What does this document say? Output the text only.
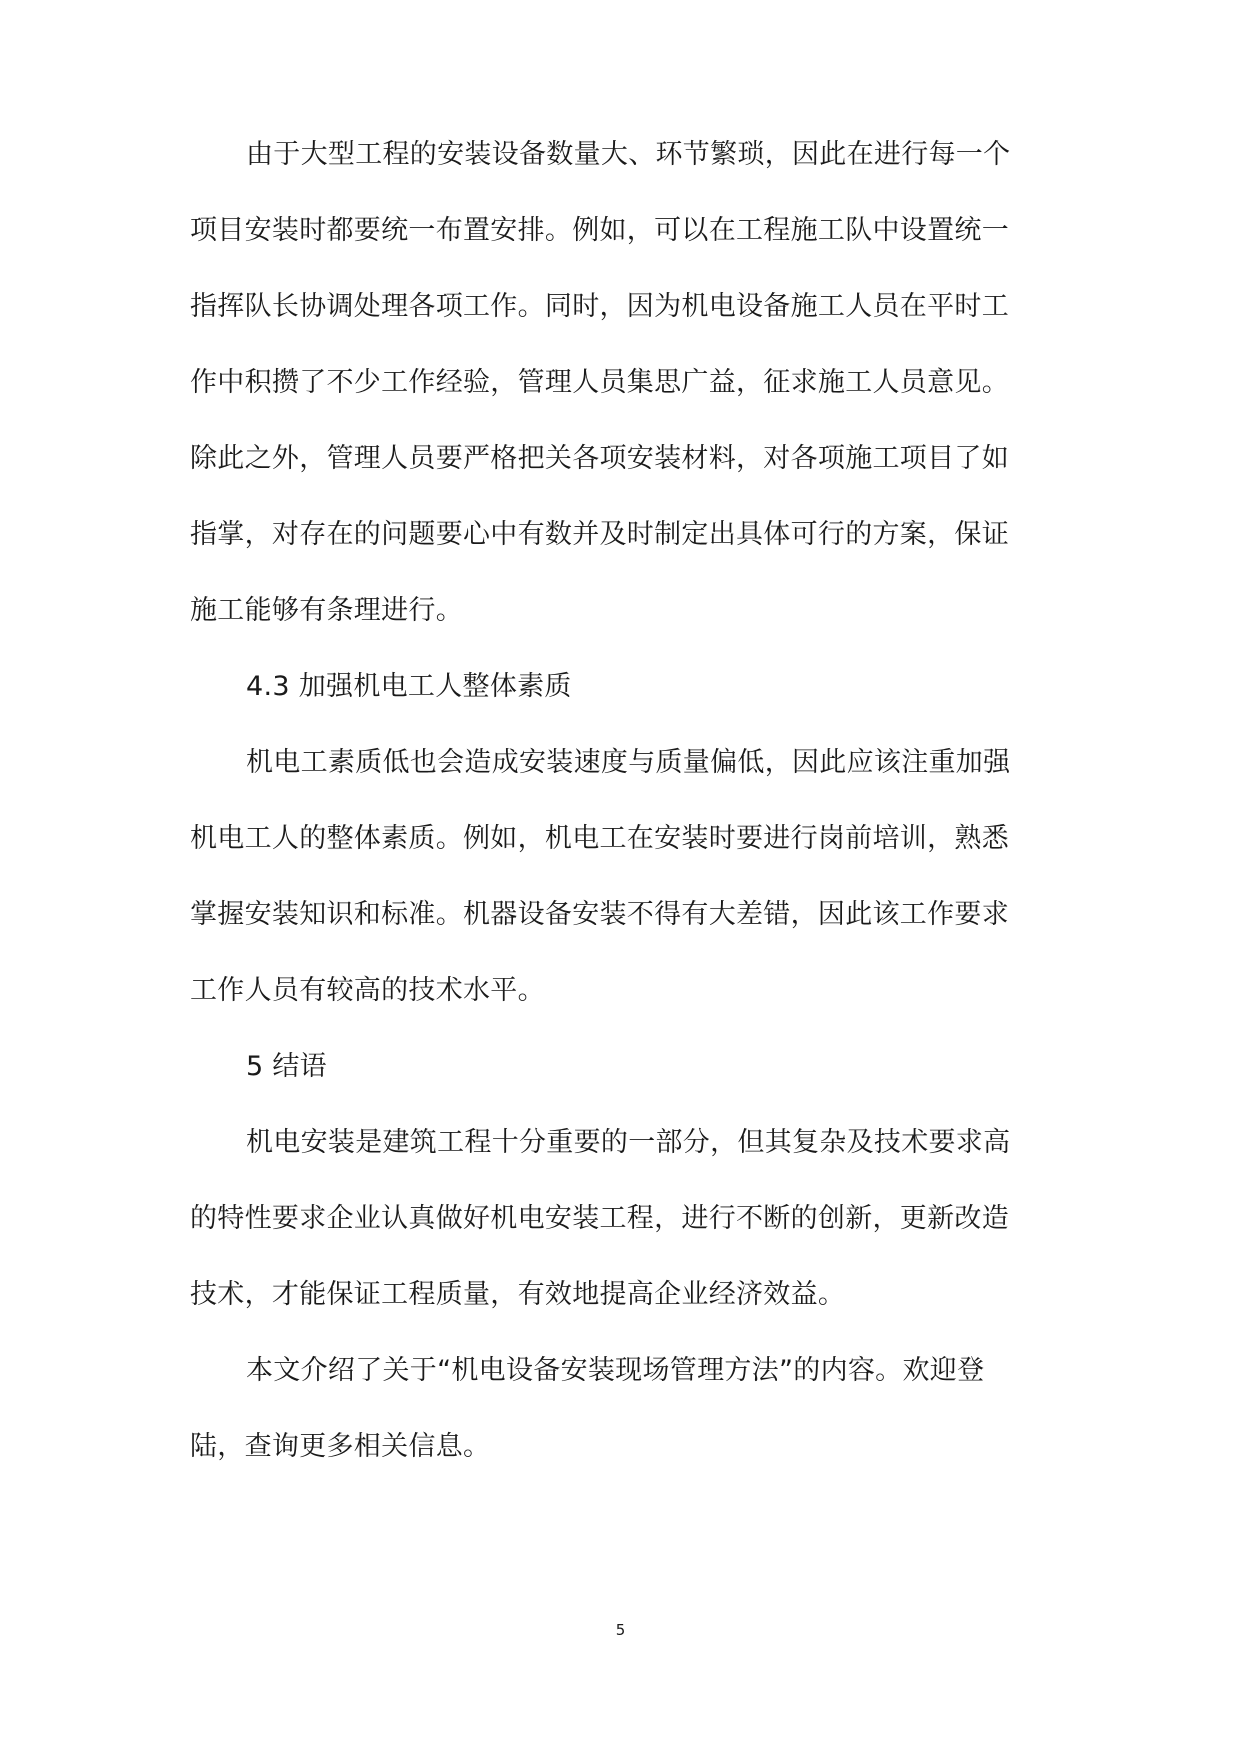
由于大型工程的安装设备数量大、环节繁琐，因此在进行每一个

项目安装时都要统一布置安排。例如，可以在工程施工队中设置统一

指挥队长协调处理各项工作。同时，因为机电设备施工人员在平时工

作中积攒了不少工作经验，管理人员集思广益，征求施工人员意见。

除此之外，管理人员要严格把关各项安装材料，对各项施工项目了如

指掌，对存在的问题要心中有数并及时制定出具体可行的方案，保证

施工能够有条理进行。

4.3 加强机电工人整体素质

机电工素质低也会造成安装速度与质量偏低，因此应该注重加强

机电工人的整体素质。例如，机电工在安装时要进行岗前培训，熟悉

掌握安装知识和标准。机器设备安装不得有大差错，因此该工作要求

工作人员有较高的技术水平。

5 结语

机电安装是建筑工程十分重要的一部分，但其复杂及技术要求高

的特性要求企业认真做好机电安装工程，进行不断的创新，更新改造

技术，才能保证工程质量，有效地提高企业经济效益。

本文介绍了关于“机电设备安装现场管理方法”的内容。欢迎登

陆，查询更多相关信息。

5
